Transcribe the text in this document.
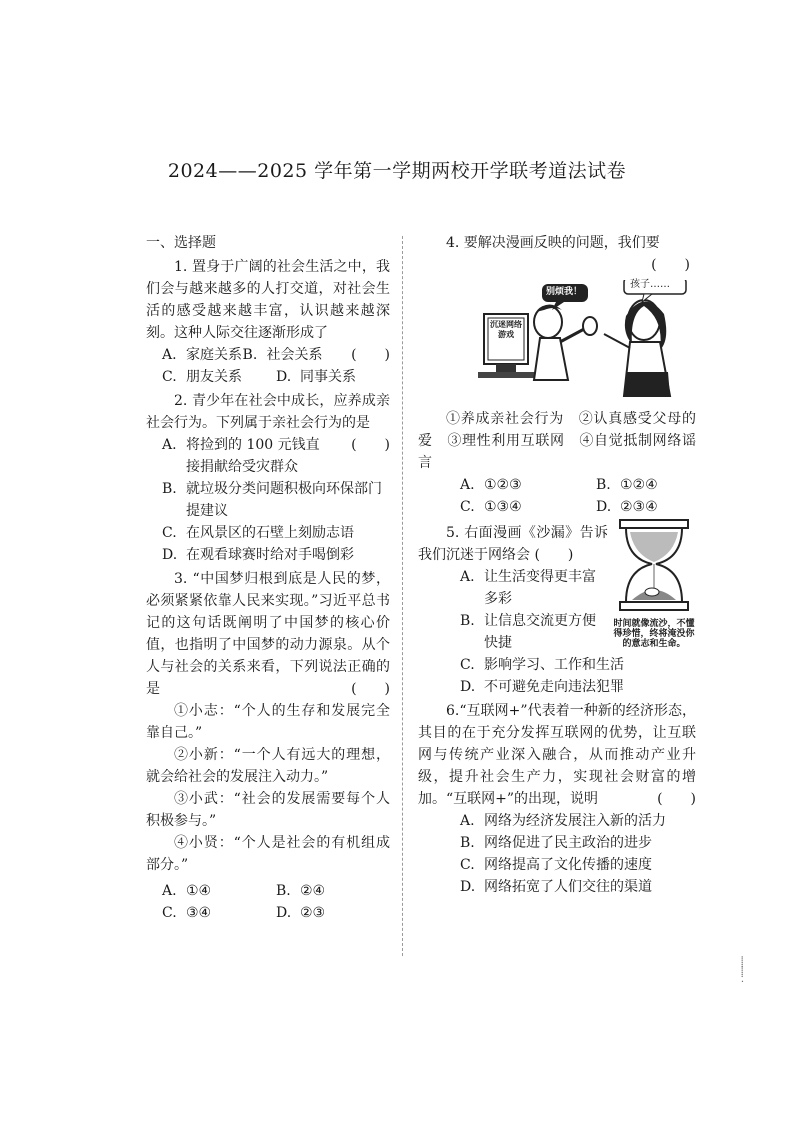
2024——2025 学年第一学期两校开学联考道法试卷

一、选择题

1. 置身于广阔的社会生活之中，我们会与越来越多的人打交道，对社会生活的感受越来越丰富，认识越来越深刻。这种人际交往逐渐形成了
(　　)

A. 家庭关系 B. 社会关系
C. 朋友关系	D. 同事关系

2. 青少年在社会中成长，应养成亲社会行为。下列属于亲社会行为的是
(　　)

A. 将捡到的 100 元钱直接捐献给受灾群众
B. 就垃圾分类问题积极向环保部门提建议
C. 在风景区的石壁上刻励志语
D. 在观看球赛时给对手喝倒彩

3. “中国梦归根到底是人民的梦，必须紧紧依靠人民来实现。”习近平总书记的这句话既阐明了中国梦的核心价值，也指明了中国梦的动力源泉。从个人与社会的关系来看，下列说法正确的是	(　　)

①小志：“个人的生存和发展完全靠自己。”

②小新：“一个人有远大的理想，就会给社会的发展注入动力。”

③小武：“社会的发展需要每个人积极参与。”

④小贤：“个人是社会的有机组成部分。”

A. ①④	B. ②④
C. ③④	D. ②③

4. 要解决漫画反映的问题，我们要

(　　)

孩子……
别烦我！
沉迷网络游戏

①养成亲社会行为　②认真感受父母的爱　③理性利用互联网　④自觉抵制网络谣言

A. ①②③	B. ①②④
C. ①③④	D. ②③④
时间就像流沙，不懂得珍惜，终将淹没你的意志和生命。

5. 右面漫画《沙漏》告诉我们沉迷于网络会 (　　)

A. 让生活变得更丰富多彩
B. 让信息交流更方便快捷
C. 影响学习、工作和生活
D. 不可避免走向违法犯罪

6.“互联网+”代表着一种新的经济形态，其目的在于充分发挥互联网的优势，让互联网与传统产业深入融合，从而推动产业升级，提升社会生产力，实现社会财富的增加。“互联网+”的出现，说明	(　　)

A. 网络为经济发展注入新的活力
B. 网络促进了民主政治的进步
C. 网络提高了文化传播的速度
D. 网络拓宽了人们交往的渠道
⸽
⸽
·
